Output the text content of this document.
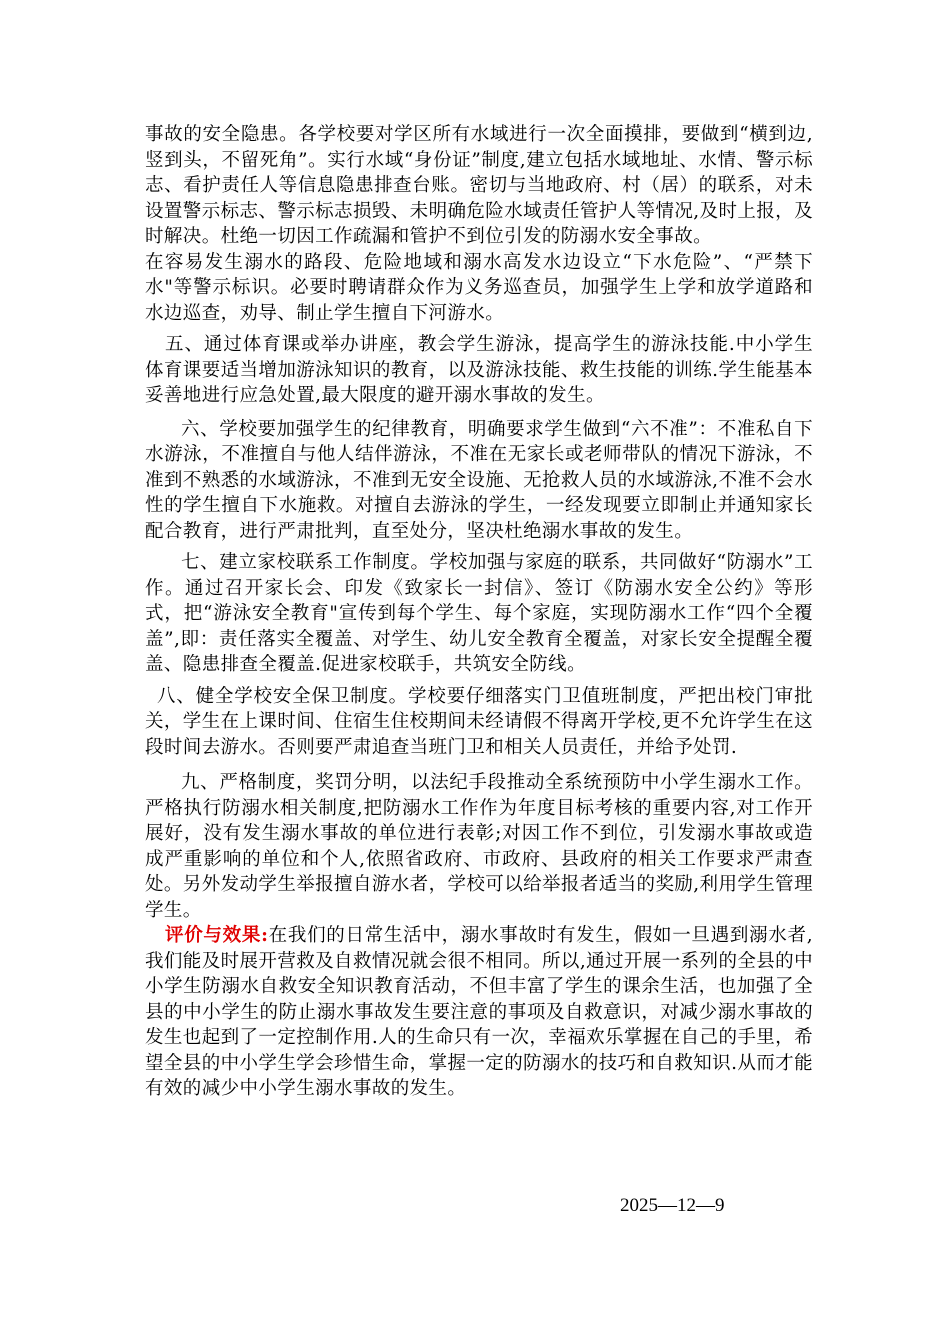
事故的安全隐患。各学校要对学区所有水域进行一次全面摸排，要做到“横到边,竖到头，不留死角”。实行水域“身份证”制度,建立包括水域地址、水情、警示标志、看护责任人等信息隐患排查台账。密切与当地政府、村（居）的联系，对未设置警示标志、警示标志损毁、未明确危险水域责任管护人等情况,及时上报，及时解决。杜绝一切因工作疏漏和管护不到位引发的防溺水安全事故。

在容易发生溺水的路段、危险地域和溺水高发水边设立“下水危险”、“严禁下水"等警示标识。必要时聘请群众作为义务巡查员，加强学生上学和放学道路和水边巡查，劝导、制止学生擅自下河游水。

五、通过体育课或举办讲座，教会学生游泳，提高学生的游泳技能.中小学生体育课要适当增加游泳知识的教育，以及游泳技能、救生技能的训练.学生能基本妥善地进行应急处置,最大限度的避开溺水事故的发生。

六、学校要加强学生的纪律教育，明确要求学生做到“六不准”：不准私自下水游泳，不准擅自与他人结伴游泳，不准在无家长或老师带队的情况下游泳，不准到不熟悉的水域游泳，不准到无安全设施、无抢救人员的水域游泳,不准不会水性的学生擅自下水施救。对擅自去游泳的学生，一经发现要立即制止并通知家长配合教育，进行严肃批判，直至处分，坚决杜绝溺水事故的发生。

七、建立家校联系工作制度。学校加强与家庭的联系，共同做好“防溺水”工作。通过召开家长会、印发《致家长一封信》、签订《防溺水安全公约》等形式，把“游泳安全教育"宣传到每个学生、每个家庭，实现防溺水工作“四个全覆盖”,即：责任落实全覆盖、对学生、幼儿安全教育全覆盖，对家长安全提醒全覆盖、隐患排查全覆盖.促进家校联手，共筑安全防线。

八、健全学校安全保卫制度。学校要仔细落实门卫值班制度，严把出校门审批关，学生在上课时间、住宿生住校期间未经请假不得离开学校,更不允许学生在这段时间去游水。否则要严肃追查当班门卫和相关人员责任，并给予处罚.

九、严格制度，奖罚分明，以法纪手段推动全系统预防中小学生溺水工作。严格执行防溺水相关制度,把防溺水工作作为年度目标考核的重要内容,对工作开展好，没有发生溺水事故的单位进行表彰;对因工作不到位，引发溺水事故或造成严重影响的单位和个人,依照省政府、市政府、县政府的相关工作要求严肃查处。另外发动学生举报擅自游水者，学校可以给举报者适当的奖励,利用学生管理学生。

评价与效果:在我们的日常生活中，溺水事故时有发生，假如一旦遇到溺水者,我们能及时展开营救及自救情况就会很不相同。所以,通过开展一系列的全县的中小学生防溺水自救安全知识教育活动，不但丰富了学生的课余生活，也加强了全县的中小学生的防止溺水事故发生要注意的事项及自救意识，对减少溺水事故的发生也起到了一定控制作用.人的生命只有一次，幸福欢乐掌握在自己的手里，希望全县的中小学生学会珍惜生命，掌握一定的防溺水的技巧和自救知识.从而才能有效的减少中小学生溺水事故的发生。

2025—12—9
